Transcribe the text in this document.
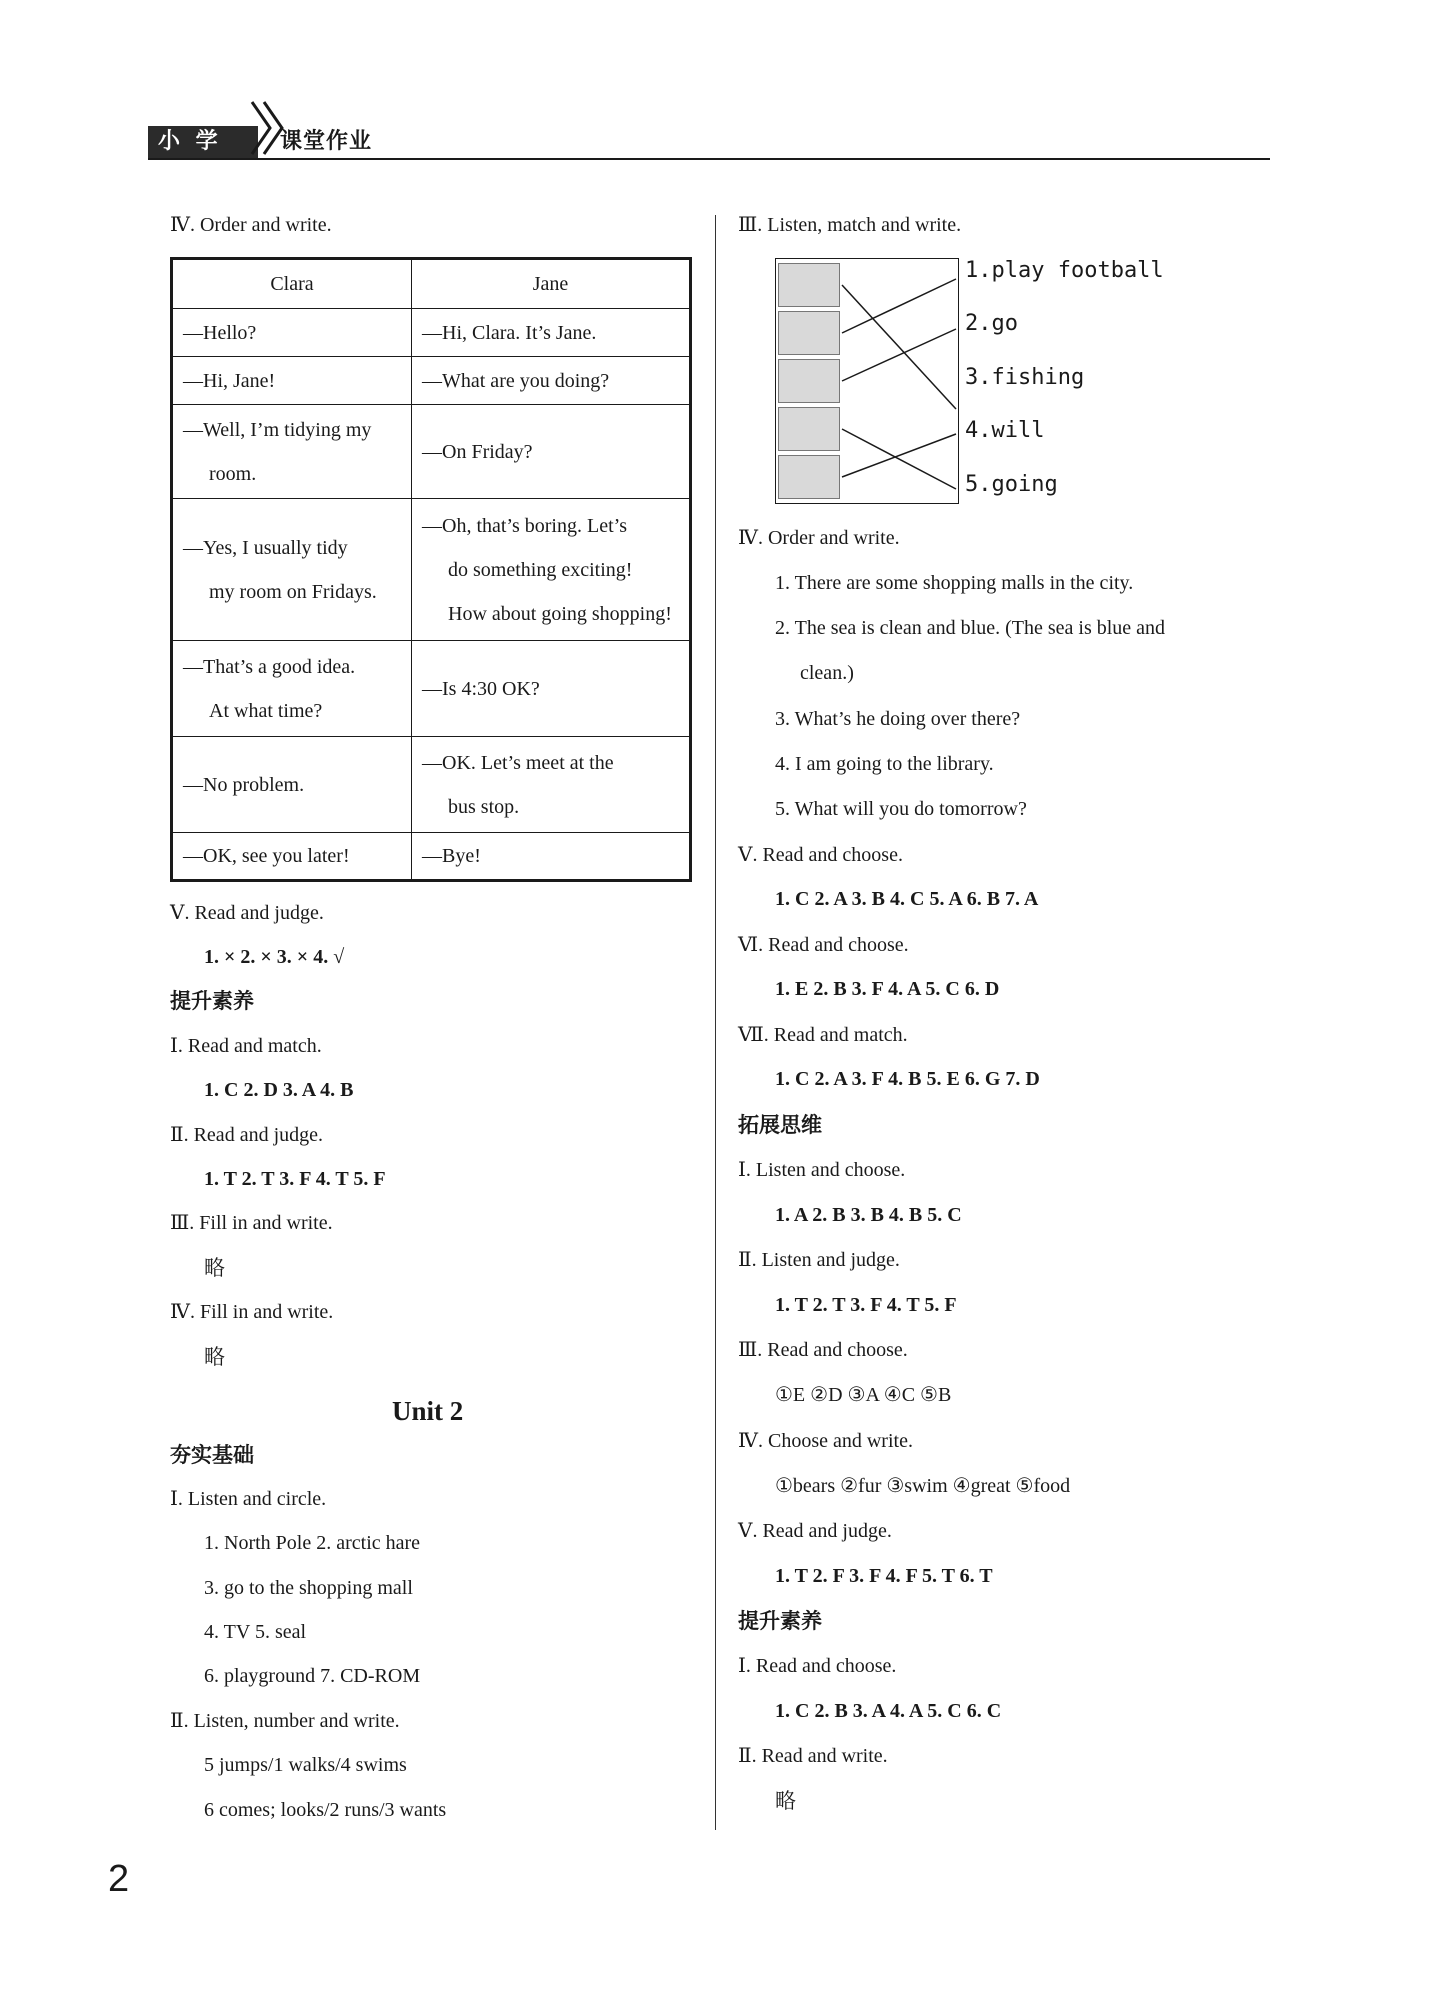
小 学	课堂作业
Ⅳ. Order and write.
Clara	Jane

—Hello?	—Hi, Clara. It’s Jane.

—Hi, Jane!	—What are you doing?

—Well, I’m tidying my
room.	—On Friday?

—Yes, I usually tidy
my room on Fridays.	—Oh, that’s boring. Let’s
do something exciting!
How about going shopping!

—That’s a good idea.
At what time?	—Is 4:30 OK?

—No problem.	—OK. Let’s meet at the
bus stop.

—OK, see you later!	—Bye!
Ⅴ. Read and judge.
1. × 2. × 3. × 4. √
提升素养
Ⅰ. Read and match.
1. C 2. D 3. A 4. B
Ⅱ. Read and judge.
1. T 2. T 3. F 4. T 5. F
Ⅲ. Fill in and write.
略
Ⅳ. Fill in and write.
略
Unit 2
夯实基础
Ⅰ. Listen and circle.
1. North Pole 2. arctic hare
3. go to the shopping mall
4. TV 5. seal
6. playground 7. CD-ROM
Ⅱ. Listen, number and write.
5 jumps/1 walks/4 swims
6 comes; looks/2 runs/3 wants
2
Ⅲ. Listen, match and write.
1.play football
2.go
3.fishing
4.will
5.going
Ⅳ. Order and write.
1. There are some shopping malls in the city.
2. The sea is clean and blue. (The sea is blue and
clean.)
3. What’s he doing over there?
4. I am going to the library.
5. What will you do tomorrow?
Ⅴ. Read and choose.
1. C 2. A 3. B 4. C 5. A 6. B 7. A
Ⅵ. Read and choose.
1. E 2. B 3. F 4. A 5. C 6. D
Ⅶ. Read and match.
1. C 2. A 3. F 4. B 5. E 6. G 7. D
拓展思维
Ⅰ. Listen and choose.
1. A 2. B 3. B 4. B 5. C
Ⅱ. Listen and judge.
1. T 2. T 3. F 4. T 5. F
Ⅲ. Read and choose.
①E ②D ③A ④C ⑤B
Ⅳ. Choose and write.
①bears ②fur ③swim ④great ⑤food
Ⅴ. Read and judge.
1. T 2. F 3. F 4. F 5. T 6. T
提升素养
Ⅰ. Read and choose.
1. C 2. B 3. A 4. A 5. C 6. C
Ⅱ. Read and write.
略
